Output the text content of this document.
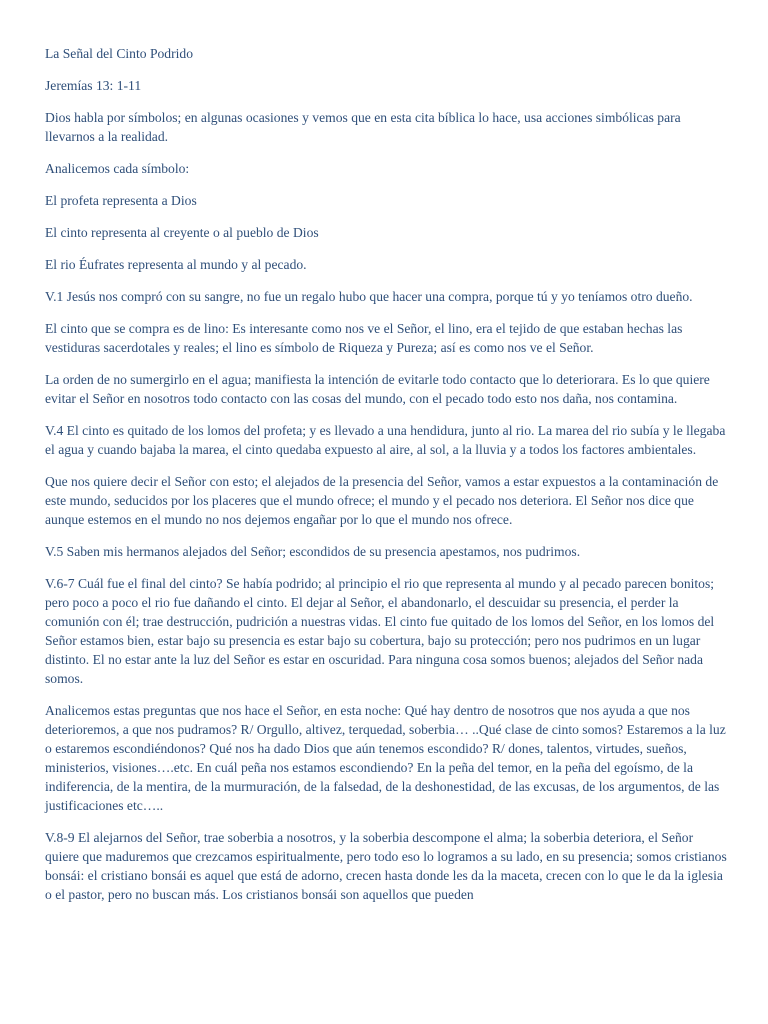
La Señal del Cinto Podrido

Jeremías 13: 1-11

Dios habla por símbolos; en algunas ocasiones y vemos que en esta cita bíblica lo hace, usa acciones simbólicas para llevarnos a la realidad.

Analicemos cada símbolo:

El profeta representa a Dios

El cinto representa al creyente o al pueblo de Dios

El rio Éufrates representa al mundo y al pecado.

V.1 Jesús nos compró con su sangre, no fue un regalo hubo que hacer una compra, porque tú y yo teníamos otro dueño.

El cinto que se compra es de lino: Es interesante como nos ve el Señor, el lino, era el tejido de que estaban hechas las vestiduras sacerdotales y reales; el lino es símbolo de Riqueza y Pureza; así es como nos ve el Señor.

La orden de no sumergirlo en el agua; manifiesta la intención de evitarle todo contacto que lo deteriorara. Es lo que quiere evitar el Señor en nosotros todo contacto con las cosas del mundo, con el pecado todo esto nos daña, nos contamina.

V.4 El cinto es quitado de los lomos del profeta; y es llevado a una hendidura, junto al rio. La marea del rio subía y le llegaba el agua y cuando bajaba la marea, el cinto quedaba expuesto al aire, al sol, a la lluvia y a todos los factores ambientales.

Que nos quiere decir el Señor con esto; el alejados de la presencia del Señor, vamos a estar expuestos a la contaminación de este mundo, seducidos por los placeres que el mundo ofrece; el mundo y el pecado nos deteriora. El Señor nos dice que aunque estemos en el mundo no nos dejemos engañar por lo que el mundo nos ofrece.

V.5 Saben mis hermanos alejados del Señor; escondidos de su presencia apestamos, nos pudrimos.

V.6-7 Cuál fue el final del cinto? Se había podrido; al principio el rio que representa al mundo y al pecado parecen bonitos; pero poco a poco el rio fue dañando el cinto. El dejar al Señor, el abandonarlo, el descuidar su presencia, el perder la comunión con él; trae destrucción, pudrición a nuestras vidas. El cinto fue quitado de los lomos del Señor, en los lomos del Señor estamos bien, estar bajo su presencia es estar bajo su cobertura, bajo su protección; pero nos pudrimos en un lugar distinto. El no estar ante la luz del Señor es estar en oscuridad. Para ninguna cosa somos buenos; alejados del Señor nada somos.

Analicemos estas preguntas que nos hace el Señor, en esta noche: Qué hay dentro de nosotros que nos ayuda a que nos deterioremos, a que nos pudramos? R/ Orgullo, altivez, terquedad, soberbia… ..Qué clase de cinto somos? Estaremos a la luz o estaremos escondiéndonos? Qué nos ha dado Dios que aún tenemos escondido? R/ dones, talentos, virtudes, sueños, ministerios, visiones….etc. En cuál peña nos estamos escondiendo? En la peña del temor, en la peña del egoísmo, de la indiferencia, de la mentira, de la murmuración, de la falsedad, de la deshonestidad, de las excusas, de los argumentos, de las justificaciones etc…..

V.8-9 El alejarnos del Señor, trae soberbia a nosotros, y la soberbia descompone el alma; la soberbia deteriora, el Señor quiere que maduremos que crezcamos espiritualmente, pero todo eso lo logramos a su lado, en su presencia; somos cristianos bonsái: el cristiano bonsái es aquel que está de adorno, crecen hasta donde les da la maceta, crecen con lo que le da la iglesia o el pastor, pero no buscan más. Los cristianos bonsái son aquellos que pueden
